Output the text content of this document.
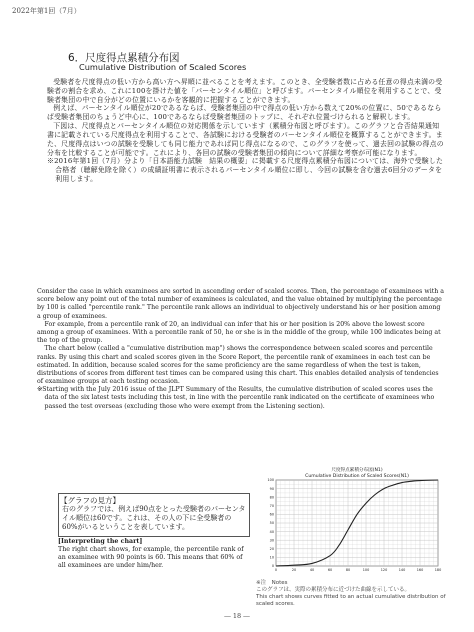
2022年第1回（7月）
6．尺度得点累積分布図
Cumulative Distribution of Scaled Scores

受験者を尺度得点の低い方から高い方へ昇順に並べることを考えます。このとき、全受験者数に占める任意の得点未満の受験者の割合を求め、これに100を掛けた値を「パーセンタイル順位」と呼びます。パーセンタイル順位を利用することで、受験者集団の中で自分がどの位置にいるかを客観的に把握することができます。

例えば、パーセンタイル順位が20であるならば、受験者集団の中で得点の低い方から数えて20%の位置に、50であるならば受験者集団のちょうど中心に、100であるならば受験者集団のトップに、それぞれ位置づけられると解釈します。

下図は、尺度得点とパーセンタイル順位の対応関係を示しています（累積分布図と呼びます）。このグラフと合否結果通知書に記載されている尺度得点を利用することで、各試験における受験者のパーセンタイル順位を概算することができます。また、尺度得点はいつの試験を受験しても同じ能力であれば同じ得点になるので、このグラフを使って、過去回の試験の得点の分布を比較することが可能です。これにより、各回の試験の受験者集団の傾向について詳細な考察が可能になります。

※2016年第1回（7月）分より「日本語能力試験　結果の概要」に掲載する尺度得点累積分布図については、海外で受験した合格者（聴解免除を除く）の成績証明書に表示されるパーセンタイル順位に即し、今回の試験を含む過去6回分のデータを利用します。

Consider the case in which examinees are sorted in ascending order of scaled scores. Then, the percentage of examinees with a score below any point out of the total number of examinees is calculated, and the value obtained by multiplying the percentage by 100 is called "percentile rank." The percentile rank allows an individual to objectively understand his or her position among a group of examinees.

For example, from a percentile rank of 20, an individual can infer that his or her position is 20% above the lowest score among a group of examinees. With a percentile rank of 50, he or she is in the middle of the group, while 100 indicates being at the top of the group.

The chart below (called a "cumulative distribution map") shows the correspondence between scaled scores and percentile ranks. By using this chart and scaled scores given in the Score Report, the percentile rank of examinees in each test can be estimated. In addition, because scaled scores for the same proficiency are the same regardless of when the test is taken, distributions of scores from different test times can be compared using this chart. This enables detailed analysis of tendencies of examinee groups at each testing occasion.

※Starting with the July 2016 issue of the JLPT Summary of the Results, the cumulative distribution of scaled scores uses the data of the six latest tests including this test, in line with the percentile rank indicated on the certificate of examinees who passed the test overseas (excluding those who were exempt from the Listening section).

【グラフの見方】
右のグラフでは、例えば90点をとった受験者のパーセンタイル順位は60です。これは、その人の下に全受験者の60%がいるということを表しています。
[Interpreting the chart]
The right chart shows, for example, the percentile rank of an examinee with 90 points is 60. This means that 60% of all examinees are under him/her.
尺度得点累積分布図(N1)
Cumulative Distribution of Scaled Scores(N1)
0	20	40	60	80	100	120	140	160	180
0
10
20
30
40
50
60
70
80
90
100
※注　Notes
このグラフは、実際の累積分布に近づけた曲線を示している。
This chart shows curves fitted to an actual cumulative distribution of scaled scores.
― 18 ―
